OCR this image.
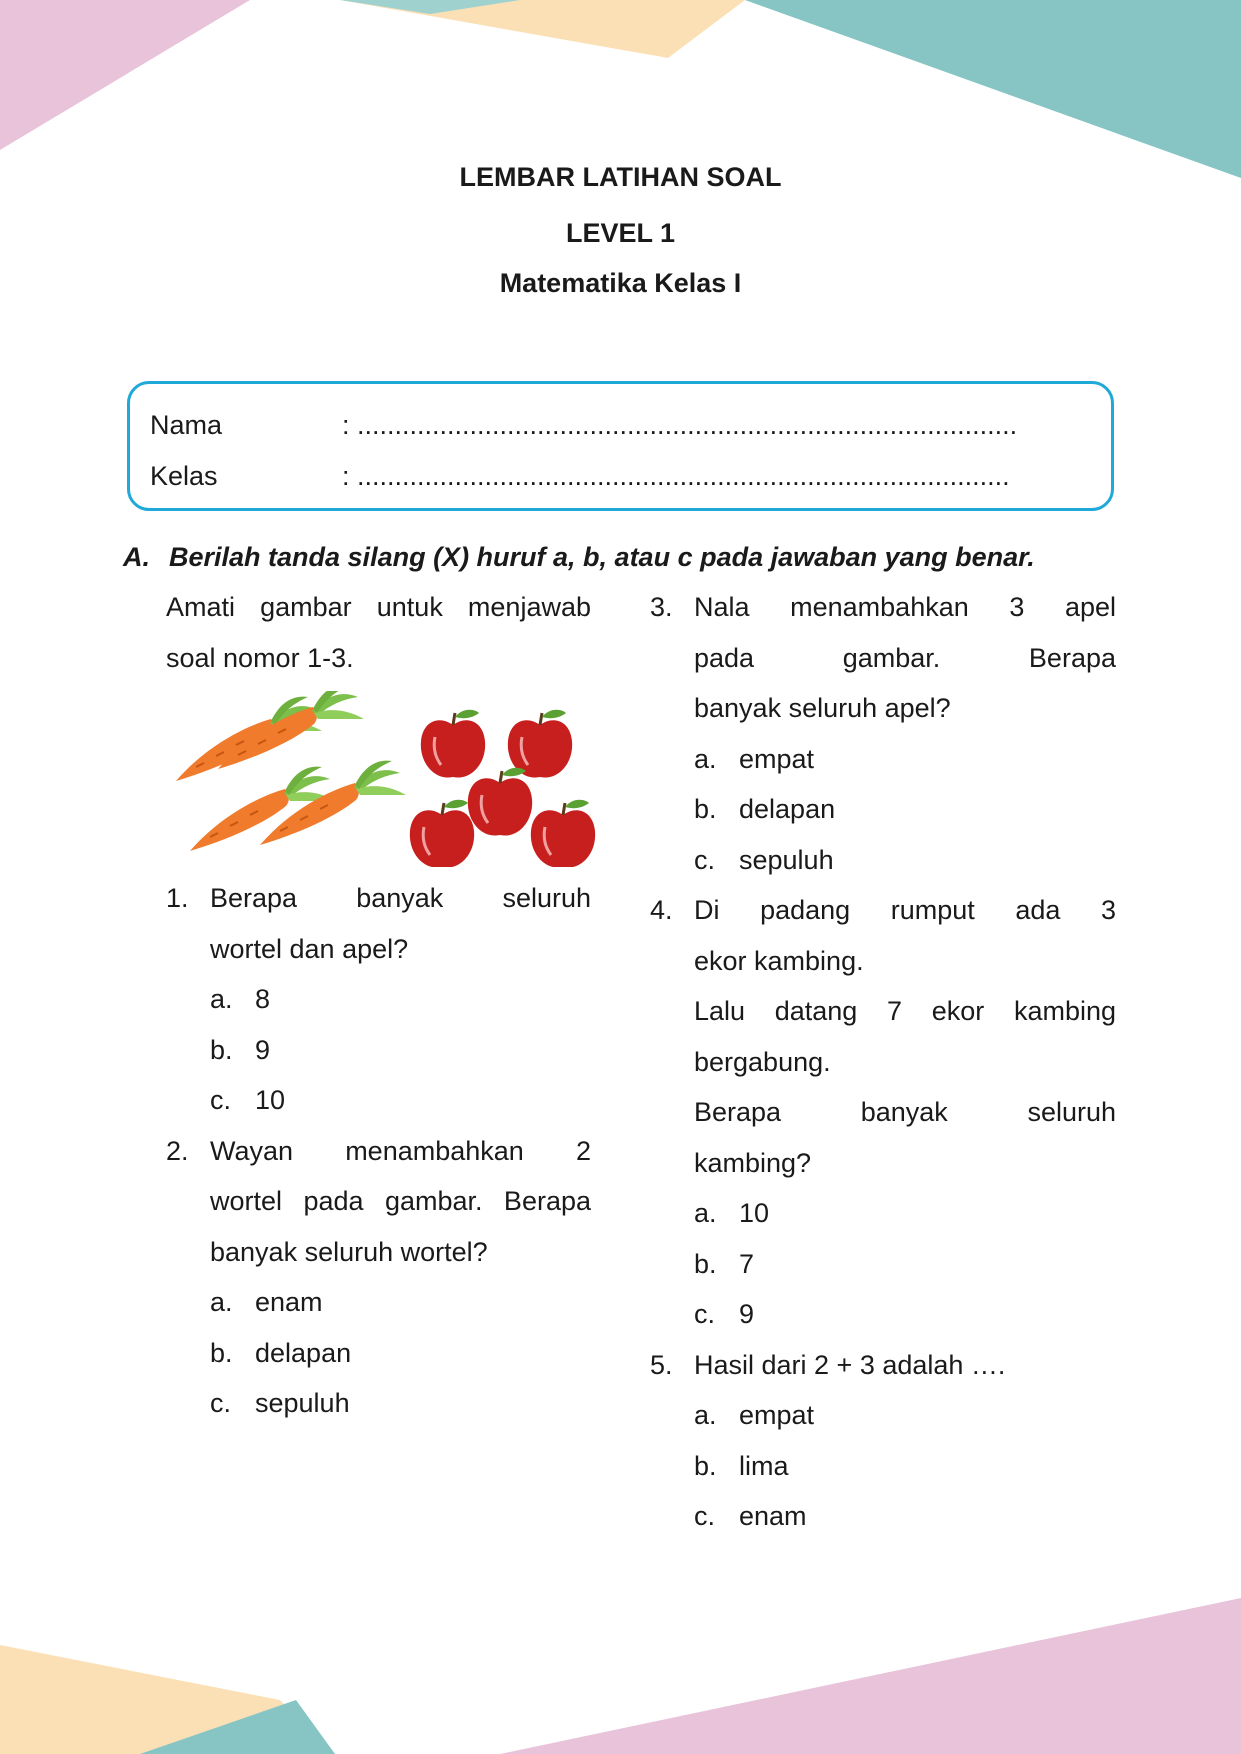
LEMBAR LATIHAN SOAL
LEVEL 1
Matematika Kelas I
Nama	: ........................................................................................
Kelas	: .......................................................................................
A. Berilah tanda silang (X) huruf a, b, atau c pada jawaban yang benar.
Amati gambar untuk menjawab
soal nomor 1-3.
1. Berapa banyak seluruh
wortel dan apel?
a. 8
b. 9
c. 10
2. Wayan menambahkan 2
wortel pada gambar. Berapa
banyak seluruh wortel?
a. enam
b. delapan
c. sepuluh
3. Nala menambahkan 3 apel
pada gambar. Berapa
banyak seluruh apel?
a. empat
b. delapan
c. sepuluh
4. Di padang rumput ada 3
ekor kambing.
Lalu datang 7 ekor kambing
bergabung.
Berapa banyak seluruh
kambing?
a. 10
b. 7
c. 9
5. Hasil dari 2 + 3 adalah ….
a. empat
b. lima
c. enam
